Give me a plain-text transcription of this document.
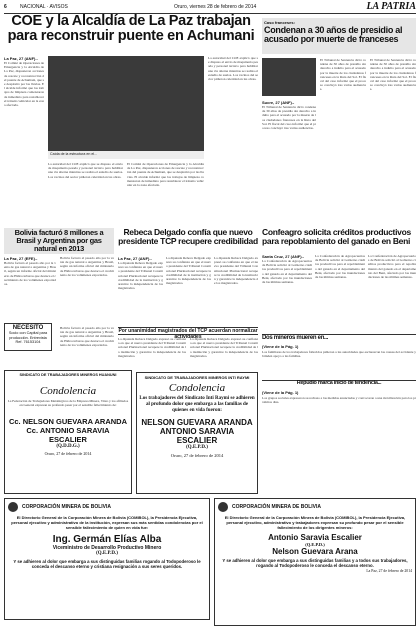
6	NACIONAL · AVISOS	Oruro, viernes 28 de febrero de 2014	LA PATRIA
COE y la Alcaldía de La Paz trabajan para reconstruir puente en Achumani
La Paz, 27 (ANF).-
El Comité de Operaciones de Emergencia y la Alcaldía de La Paz, dispusieron acciones de rescate y reconstrucción del puente de Achumani, que se desplomó por las lluvias. El alcalde informó que los trabajos de limpieza comenzaron de inmediato para restablecer el tránsito vehicular en la zona afectada.
Caída de la estructura en el...
La autoridad del COE explicó que se dispuso el envío de maquinaria pesada y personal técnico para habilitar una vía alterna mientras se realiza el estudio de suelos. Los vecinos del sector pidieron celeridad en las obras.
El Comité de Operaciones de Emergencia y la Alcaldía de La Paz, dispusieron acciones de rescate y reconstrucción del puente de Achumani, que se desplomó por las lluvias. El alcalde informó que los trabajos de limpieza comenzaron de inmediato para restablecer el tránsito vehicular en la zona afectada.
La autoridad del COE explicó que se dispuso el envío de maquinaria pesada y personal técnico para habilitar una vía alterna mientras se realiza el estudio de suelos. Los vecinos del sector pidieron celeridad en las obras.
Caso franceses:
Condenan a 30 años de presidio al acusado por muerte de franceses
Sucre, 27 (ANF).-
El Tribunal de Sentencia dictó condena de 30 años de presidio sin derecho a indulto para el acusado por la muerte de los ciudadanos franceses en la Ruta del Sol. El fiscal del caso informó que el proceso concluyó tras varias audiencias.
El Tribunal de Sentencia dictó condena de 30 años de presidio sin derecho a indulto para el acusado por la muerte de los ciudadanos franceses en la Ruta del Sol. El fiscal del caso informó que el proceso concluyó tras varias audiencias.
El Tribunal de Sentencia dictó condena de 30 años de presidio sin derecho a indulto para el acusado por la muerte de los ciudadanos franceses en la Ruta del Sol. El fiscal del caso informó que el proceso concluyó tras varias audiencias.
Bolivia facturó 8 millones a Brasil y Argentina por gas natural en 2013
La Paz, 27 (EFE).-
Bolivia facturó el pasado año por la venta de gas natural a Argentina y Brasil, según un informe oficial del ministerio de Hidrocarburos que destaca el crecimiento de los volúmenes exportados.
Bolivia facturó el pasado año por la venta de gas natural a Argentina y Brasil, según un informe oficial del ministerio de Hidrocarburos que destaca el crecimiento de los volúmenes exportados.
NECESITO
Socio con Capital para producción. Entrevista Ref. 76153104
Bolivia facturó el pasado año por la venta de gas natural a Argentina y Brasil, según un informe oficial del ministerio de Hidrocarburos que destaca el crecimiento de los volúmenes exportados.
Rebeca Delgado confía que nuevo presidente TCP recupere credibilidad
La Paz, 27 (ANF).-
La diputada Rebeca Delgado expresó su confianza en que el nuevo presidente del Tribunal Constitucional Plurinacional recupere la credibilidad de la institución y garantice la independencia de los magistrados.
La diputada Rebeca Delgado expresó su confianza en que el nuevo presidente del Tribunal Constitucional Plurinacional recupere la credibilidad de la institución y garantice la independencia de los magistrados.
La diputada Rebeca Delgado expresó su confianza en que el nuevo presidente del Tribunal Constitucional Plurinacional recupere la credibilidad de la institución y garantice la independencia de los magistrados.
Por unanimidad magistrados del TCP acuerdan normalizar actividades
La diputada Rebeca Delgado expresó su confianza en que el nuevo presidente del Tribunal Constitucional Plurinacional recupere la credibilidad de la institución y garantice la independencia de los magistrados.
La diputada Rebeca Delgado expresó su confianza en que el nuevo presidente del Tribunal Constitucional Plurinacional recupere la credibilidad de la institución y garantice la independencia de los magistrados.
Confeagro solicita créditos productivos para repoblamiento del ganado en Beni
Santa Cruz, 27 (ANF).-
La Confederación de Agropecuarios de Bolivia solicitó al Gobierno créditos productivos para el repoblamiento del ganado en el departamento del Beni, afectado por las inundaciones de las últimas semanas.
La Confederación de Agropecuarios de Bolivia solicitó al Gobierno créditos productivos para el repoblamiento del ganado en el departamento del Beni, afectado por las inundaciones de las últimas semanas.
La Confederación de Agropecuarios de Bolivia solicitó al Gobierno créditos productivos para el repoblamiento del ganado en el departamento del Beni, afectado por las inundaciones de las últimas semanas.
Dos mineros mueren en...
(Viene de la Pág. 1)
Los familiares de los trabajadores fallecidos pidieron a las autoridades que esclarezcan las causas del accidente y brinden apoyo a las familias.
Repudio marca inicio de tendencia...
(Viene de la Pág. 1)
Los grupos sociales expresaron su rechazo a las medidas anunciadas y convocaron a una movilización para los próximos días.
SINDICATO DE TRABAJADORES MINEROS HUANUNI
Condolencia
La Federación de Trabajadores Metalúrgicos de la Empresa Minera, Vinto y los afiliados en General expresan su profundo pesar por el sensible fallecimiento de:
Cc. NELSON GUEVARA ARANDA
Cc. ANTONIO SARAVIA ESCALIER
(Q.D.D.G.)
Oruro, 27 de febrero de 2014
SINDICATO DE TRABAJADORES MINEROS INTI RAYMI
Condolencia
Los trabajadores del Sindicato Inti Raymi se adhieren al profundo dolor que embarga a las familias de quienes en vida fueron:
NELSON GUEVARA ARANDA
ANTONIO SARAVIA ESCALIER
(Q.E.P.D.)
Oruro, 27 de febrero de 2014
CORPORACIÓN MINERA DE BOLIVIA
El Directorio General de la Corporación Minera de Bolivia (COMIBOL), la Presidencia Ejecutiva, personal ejecutivo y administrativo de la institución, expresan sus más sentidas condolencias por el sensible fallecimiento de quien en vida fue:
Ing. Germán Elías Alba
Viceministro de Desarrollo Productivo Minero
(Q.E.P.D.)
Y se adhieren al dolor que embarga a sus distinguidas familias rogando al Todopoderoso le conceda el descanso eterno y cristiana resignación a sus seres queridos.
CORPORACIÓN MINERA DE BOLIVIA
El Directorio General de la Corporación Minera de Bolivia (COMIBOL), la Presidencia Ejecutiva, personal ejecutivo, administrativo y trabajadores expresan su profundo pesar por el sensible fallecimiento de los dirigentes mineros:
Antonio Saravia Escalier
(Q.E.P.D.)
Nelson Guevara Arana
Y se adhieren al dolor que embarga a sus distinguidas familias y a todos sus trabajadores, rogando al Todopoderoso le conceda el descanso eterno.
La Paz, 27 de febrero de 2014
